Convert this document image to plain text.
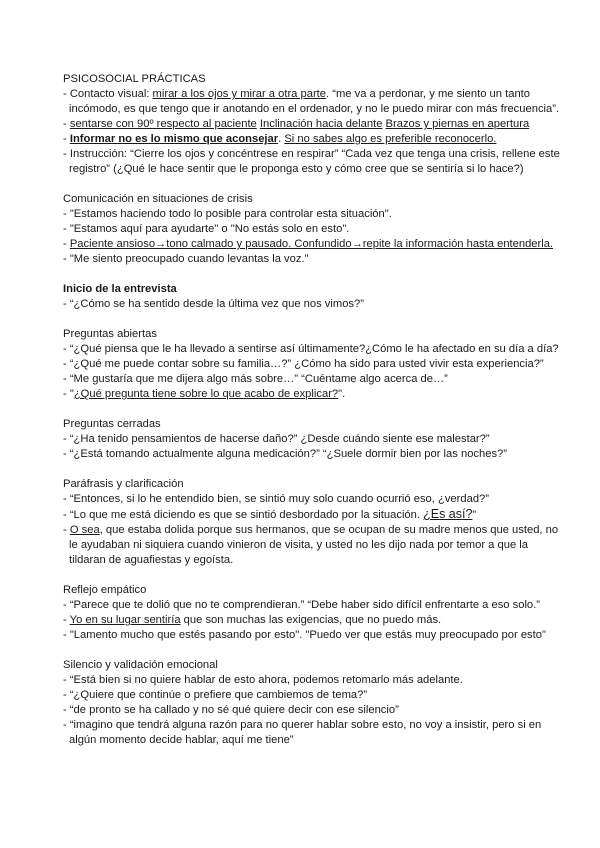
PSICOSOCIAL PRÁCTICAS
- Contacto visual: mirar a los ojos y mirar a otra parte. “me va a perdonar, y me siento un tanto incómodo, es que tengo que ir anotando en el ordenador, y no le puedo mirar con más frecuencia”.
- sentarse con 90º respecto al paciente Inclinación hacia delante Brazos y piernas en apertura
- Informar no es lo mismo que aconsejar. Si no sabes algo es preferible reconocerlo.
- Instrucción: “Cierre los ojos y concéntrese en respirar” “Cada vez que tenga una crisis, rellene este registro” (¿Qué le hace sentir que le proponga esto y cómo cree que se sentiría si lo hace?)
Comunicación en situaciones de crisis
- "Estamos haciendo todo lo posible para controlar esta situación".
- "Estamos aquí para ayudarte" o "No estás solo en esto".
- Paciente ansioso→tono calmado y pausado. Confundido→repite la información hasta entenderla.
- "Me siento preocupado cuando levantas la voz."
Inicio de la entrevista
- “¿Cómo se ha sentido desde la última vez que nos vimos?”
Preguntas abiertas
- “¿Qué piensa que le ha llevado a sentirse así últimamente?¿Cómo le ha afectado en su día a día?
- “¿Qué me puede contar sobre su familia…?” ¿Cómo ha sido para usted vivir esta experiencia?”
- “Me gustaría que me dijera algo más sobre…” “Cuéntame algo acerca de…”
- "¿Qué pregunta tiene sobre lo que acabo de explicar?".
Preguntas cerradas
- “¿Ha tenido pensamientos de hacerse daño?” ¿Desde cuándo siente ese malestar?”
- “¿Está tomando actualmente alguna medicación?” “¿Suele dormir bien por las noches?”
Paráfrasis y clarificación
- “Entonces, si lo he entendido bien, se sintió muy solo cuando ocurrió eso, ¿verdad?”
- “Lo que me está diciendo es que se sintió desbordado por la situación. ¿Es así?”
- O sea, que estaba dolida porque sus hermanos, que se ocupan de su madre menos que usted, no le ayudaban ni siquiera cuando vinieron de visita, y usted no les dijo nada por temor a que la tildaran de aguafiestas y egoísta.
Reflejo empático
- “Parece que te dolió que no te comprendieran.” “Debe haber sido difícil enfrentarte a eso solo.”
- Yo en su lugar sentiría que son muchas las exigencias, que no puedo más.
- "Lamento mucho que estés pasando por esto". "Puedo ver que estás muy preocupado por esto"
Silencio y validación emocional
- “Está bien si no quiere hablar de esto ahora, podemos retomarlo más adelante.
- “¿Quiere que continúe o prefiere que cambiemos de tema?”
- “de pronto se ha callado y no sé qué quiere decir con ese silencio”
- “imagino que tendrá alguna razón para no querer hablar sobre esto, no voy a insistir, pero si en algún momento decide hablar, aquí me tiene”
